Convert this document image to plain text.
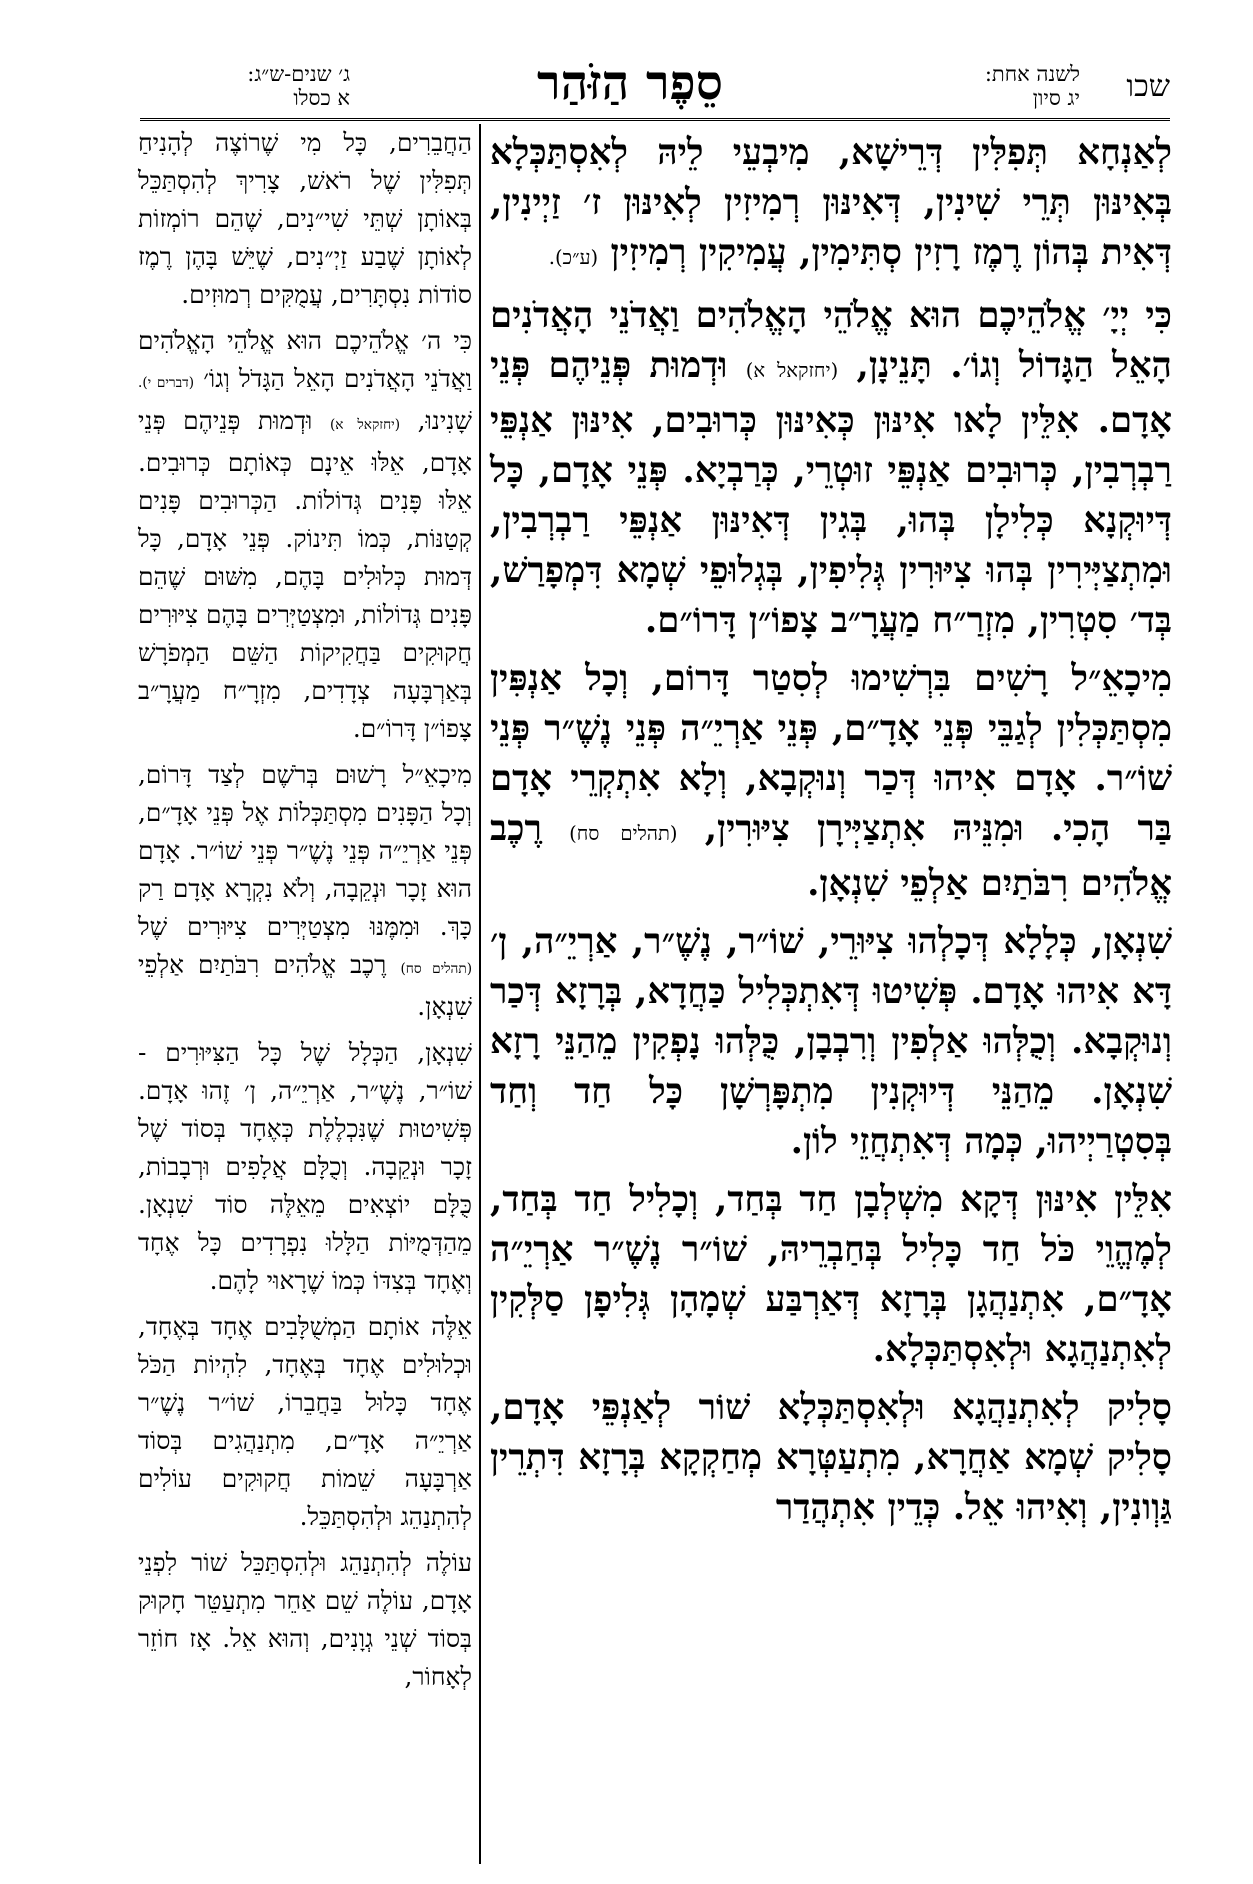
ג׳ שנים-ש״ג:
א כסלו	סֵפֶר הַזֹּהַר	לשנה אחת:
יג סיון	שכו

לְאַנְחָא תְּפִלִּין דְּרֵישָׁא, מִיבְעֵי לֵיהּ לְאִסְתַּכְּלָא בְּאִינּוּן תְּרֵי שִׁינִין, דְּאִינּוּן רְמִיזִין לְאִינּוּן ז׳ זַיְינִין, דְּאִית בְּהוֹן רֶמֶז רָזִין סְתִּימִין, עֲמִיקִין רְמִיזִין (ע״כ).

כִּי יְיָ׳ אֱלֹהֵיכֶם הוּא אֱלֹהֵי הָאֱלֹהִים וַאֲדֹנֵי הָאֲדֹנִים הָאֵל הַגָּדוֹל וְגוֹ׳. תָּנֵינָן, (יחזקאל א) וּדְמוּת פְּנֵיהֶם פְּנֵי אָדָם. אִלֵּין לָאו אִינּוּן כְּאִינּוּן כְּרוּבִים, אִינּוּן אַנְפֵּי רַבְרְבִין, כְּרוּבִים אַנְפֵּי זוּטְרֵי, כְּרַבְיָא. פְּנֵי אָדָם, כָּל דְּיוּקְנָא כְּלִילָן בְּהוּ, בְּגִין דְּאִינּוּן אַנְפֵּי רַבְרְבִין, וּמִתְצַיְּירִין בְּהוּ צִיּוּרִין גְּלִיפִין, בְּגְלוּפֵי שְׁמָא דִּמְפָרַשׁ, בְּד׳ סִטְרִין, מִזְרַ״ח מַעֲרָ״ב צָפוֹ״ן דָּרוֹ״ם.

מִיכָאֵ״ל רָשִׁים בִּרְשִׁימוּ לְסִטַר דָּרוֹם, וְכָל אַנְפִּין מִסְתַּכְּלִין לְגַבֵּי פְּנֵי אָדָ״ם, פְּנֵי אַרְיֵ״ה פְּנֵי נֶשֶׁ״ר פְּנֵי שׁוֹ״ר. אָדָם אִיהוּ דְּכַר וְנוּקְבָא, וְלָא אִתְקְרֵי אָדָם בַּר הָכִי. וּמִנֵּיהּ אִתְצַיְּירָן צִיּוּרִין, (תהלים סח) רֶכֶב אֱלֹהִים רִבֹּתַיִם אַלְפֵי שִׁנְאָן.

שִׁנְאָן, כְּלָלָא דְּכָלְהוּ צִיּוּרֵי, שׁוֹ״ר, נֶשֶׁ״ר, אַרְיֵ״ה, ן׳ דָּא אִיהוּ אָדָם. פְּשִׁיטוּ דְּאִתְכְּלִיל כַּחֲדָא, בְּרָזָא דְּכַר וְנוּקְבָא. וְכֻלְּהוּ אַלְפִין וְרִבְבָן, כֻּלְּהוּ נָפְקִין מֵהַנֵּי רָזָא שִׁנְאָן. מֵהַנֵּי דְּיוּקְנִין מִתְפָּרְשָׁן כָּל חַד וְחַד בְּסִטְרַיְיהוּ, כְּמָה דְּאִתְחֲזֵי לוֹן.

אִלֵּין אִינּוּן דְּקָא מִשְׁלְבָן חַד בְּחַד, וְכָלִיל חַד בְּחַד, לְמֶהֱוֵי כֹּל חַד כָּלִיל בְּחַבְרֵיהּ, שׁוֹ״ר נֶשֶׁ״ר אַרְיֵ״ה אָדָ״ם, אִתְנַהֲגָן בְּרָזָא דְּאַרְבַּע שְׁמָהָן גְּלִיפָן סַלְּקִין לְאִתְנַהֲגָא וּלְאִסְתַּכְּלָא.

סָלִיק לְאִתְנַהֲגָא וּלְאִסְתַּכְּלָא שׁוֹר לְאַנְפֵּי אָדָם, סָלִיק שְׁמָא אַחֲרָא, מִתְעַטְּרָא מְחַקְקָא בְּרָזָא דִּתְרֵין גַּוְונִין, וְאִיהוּ אֵל. כְּדֵין אִתְהֲדַר

הַחֲבֵרִים, כָּל מִי שֶׁרוֹצֶה לְהָנִיחַ תְּפִלִּין שֶׁל רֹאשׁ, צָרִיךְ לְהִסְתַּכֵּל בְּאוֹתָן שְׁתֵּי שִׁי״נִים, שֶׁהֵם רוֹמְזוֹת לְאוֹתָן שֶׁבַע זַיְ״נִים, שֶׁיֵּשׁ בָּהֶן רֶמֶז סוֹדוֹת נִסְתָּרִים, עֲמֻקִּים רְמוּזִים.

כִּי ה׳ אֱלֹהֵיכֶם הוּא אֱלֹהֵי הָאֱלֹהִים וַאֲדֹנֵי הָאֲדֹנִים הָאֵל הַגָּדֹל וְגוֹ׳ (דברים י). שָׁנִינוּ, (יחזקאל א) וּדְמוּת פְּנֵיהֶם פְּנֵי אָדָם, אֵלּוּ אֵינָם כְּאוֹתָם כְּרוּבִים. אֵלּוּ פָּנִים גְּדוֹלוֹת. הַכְּרוּבִים פָּנִים קְטַנּוֹת, כְּמוֹ תִּינוֹק. פְּנֵי אָדָם, כָּל דְּמוּת כְּלוּלִים בָּהֶם, מִשּׁוּם שֶׁהֵם פָּנִים גְּדוֹלוֹת, וּמִצְטַיְּרִים בָּהֶם צִיּוּרִים חֲקוּקִים בַּחֲקִיקוֹת הַשֵּׁם הַמְפֹרָשׁ בְּאַרְבָּעָה צְדָדִים, מִזְרָ״ח מַעֲרָ״ב צָפוֹ״ן דָּרוֹ״ם.

מִיכָאֵ״ל רָשׁוּם בְּרֹשֶׁם לְצַד דָּרוֹם, וְכָל הַפָּנִים מִסְתַּכְּלוֹת אֶל פְּנֵי אָדָ״ם, פְּנֵי אַרְיֵ״ה פְּנֵי נֶשֶׁ״ר פְּנֵי שׁוֹ״ר. אָדָם הוּא זָכָר וּנְקֵבָה, וְלֹא נִקְרָא אָדָם רַק כָּךְ. וּמִמֶּנּוּ מִצְטַיְּרִים צִיּוּרִים שֶׁל (תהלים סח) רֶכֶב אֱלֹהִים רִבֹּתַיִם אַלְפֵי שִׁנְאָן.

שִׁנְאָן, הַכְּלָל שֶׁל כָּל הַצִּיּוּרִים - שׁוֹ״ר, נֶשֶׁ״ר, אַרְיֵ״ה, ן׳ זֶהוּ אָדָם. פְּשִׁיטוּת שֶׁנִּכְלֶלֶת כְּאֶחָד בְּסוֹד שֶׁל זָכָר וּנְקֵבָה. וְכֻלָּם אֲלָפִים וּרְבָבוֹת, כֻּלָּם יוֹצְאִים מֵאֵלֶּה סוֹד שִׁנְאָן. מֵהַדְּמֻיּוֹת הַלָּלוּ נִפְרָדִים כָּל אֶחָד וְאֶחָד בְּצִדּוֹ כְּמוֹ שֶׁרָאוּי לָהֶם.

אֵלֶּה אוֹתָם הַמְשֻׁלָּבִים אֶחָד בְּאֶחָד, וּכְלוּלִים אֶחָד בְּאֶחָד, לִהְיוֹת הַכֹּל אֶחָד כָּלוּל בַּחֲבֵרוֹ, שׁוֹ״ר נֶשֶׁ״ר אַרְיֵ״ה אָדָ״ם, מִתְנַהֲגִים בְּסוֹד אַרְבָּעָה שֵׁמוֹת חֲקוּקִים עוֹלִים לְהִתְנַהֵג וּלְהִסְתַּכֵּל.

עוֹלֶה לְהִתְנַהֵג וּלְהִסְתַּכֵּל שׁוֹר לִפְנֵי אָדָם, עוֹלֶה שֵׁם אַחֵר מִתְעַטֵּר חָקוּק בְּסוֹד שְׁנֵי גְוָנִים, וְהוּא אֵל. אָז חוֹזֵר לְאָחוֹר,
